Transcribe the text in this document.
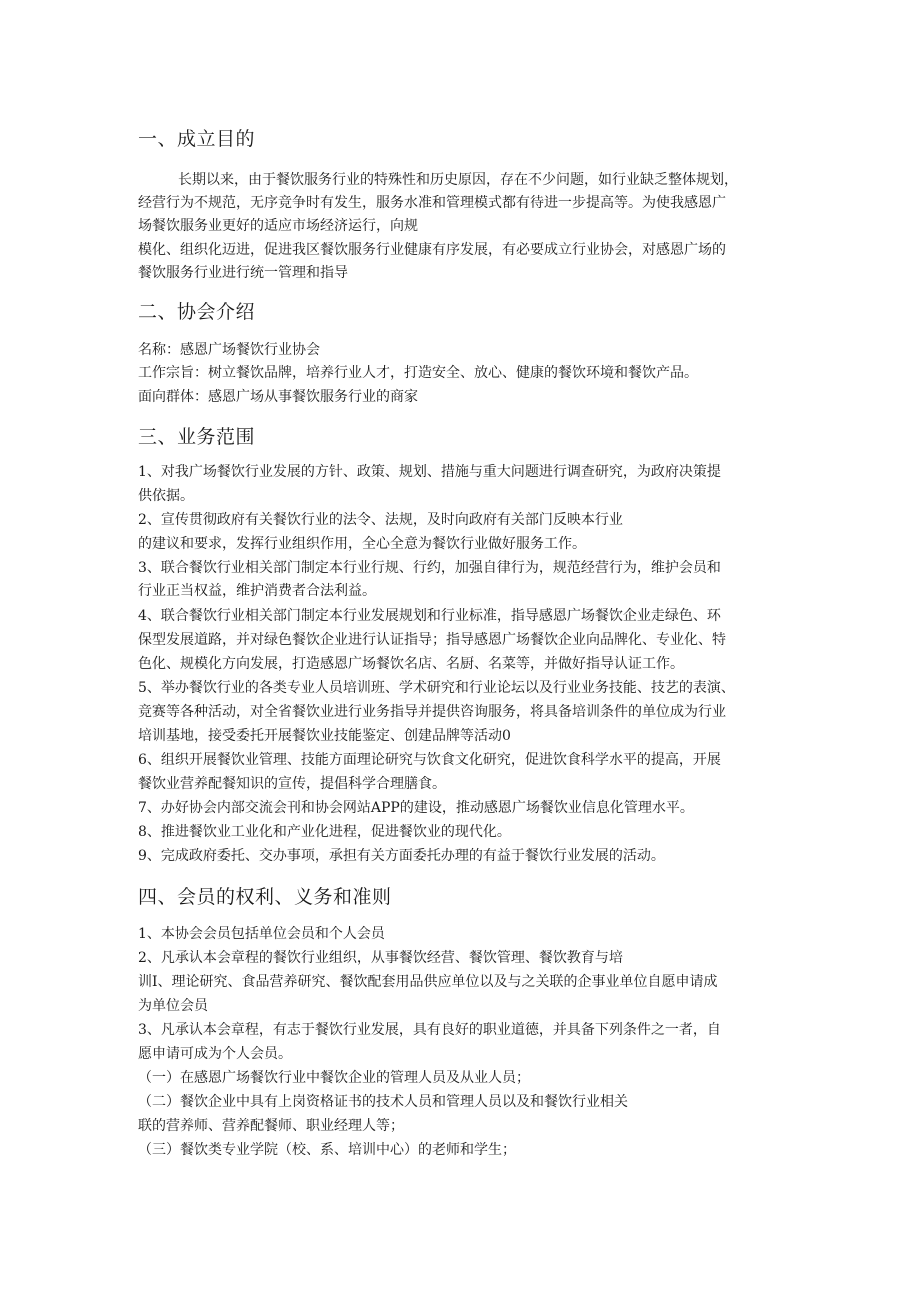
一、成立目的
长期以来，由于餐饮服务行业的特殊性和历史原因，存在不少问题，如行业缺乏整体规划，
经营行为不规范，无序竞争时有发生，服务水准和管理模式都有待进一步提高等。为使我感恩广
场餐饮服务业更好的适应市场经济运行，向规
模化、组织化迈进，促进我区餐饮服务行业健康有序发展，有必要成立行业协会，对感恩广场的
餐饮服务行业进行统一管理和指导
二、协会介绍
名称：感恩广场餐饮行业协会
工作宗旨：树立餐饮品牌，培养行业人才，打造安全、放心、健康的餐饮环境和餐饮产品。
面向群体：感恩广场从事餐饮服务行业的商家
三、业务范围
1、对我广场餐饮行业发展的方针、政策、规划、措施与重大问题进行调查研究，为政府决策提
供依据。
2、宣传贯彻政府有关餐饮行业的法令、法规，及时向政府有关部门反映本行业
的建议和要求，发挥行业组织作用，全心全意为餐饮行业做好服务工作。
3、联合餐饮行业相关部门制定本行业行规、行约，加强自律行为，规范经营行为，维护会员和
行业正当权益，维护消费者合法利益。
4、联合餐饮行业相关部门制定本行业发展规划和行业标准，指导感恩广场餐饮企业走绿色、环
保型发展道路，并对绿色餐饮企业进行认证指导；指导感恩广场餐饮企业向品牌化、专业化、特
色化、规模化方向发展，打造感恩广场餐饮名店、名厨、名菜等，并做好指导认证工作。
5、举办餐饮行业的各类专业人员培训班、学术研究和行业论坛以及行业业务技能、技艺的表演、
竞赛等各种活动，对全省餐饮业进行业务指导并提供咨询服务，将具备培训条件的单位成为行业
培训基地，接受委托开展餐饮业技能鉴定、创建品牌等活动0
6、组织开展餐饮业管理、技能方面理论研究与饮食文化研究，促进饮食科学水平的提高，开展
餐饮业营养配餐知识的宣传，提倡科学合理膳食。
7、办好协会内部交流会刊和协会网站APP的建设，推动感恩广场餐饮业信息化管理水平。
8、推进餐饮业工业化和产业化进程，促进餐饮业的现代化。
9、完成政府委托、交办事项，承担有关方面委托办理的有益于餐饮行业发展的活动。
四、会员的权利、义务和准则
1、本协会会员包括单位会员和个人会员
2、凡承认本会章程的餐饮行业组织，从事餐饮经营、餐饮管理、餐饮教育与培
训I、理论研究、食品营养研究、餐饮配套用品供应单位以及与之关联的企事业单位自愿申请成
为单位会员
3、凡承认本会章程，有志于餐饮行业发展，具有良好的职业道德，并具备下列条件之一者，自
愿申请可成为个人会员。
（一）在感恩广场餐饮行业中餐饮企业的管理人员及从业人员；
（二）餐饮企业中具有上岗资格证书的技术人员和管理人员以及和餐饮行业相关
联的营养师、营养配餐师、职业经理人等；
（三）餐饮类专业学院（校、系、培训中心）的老师和学生；
